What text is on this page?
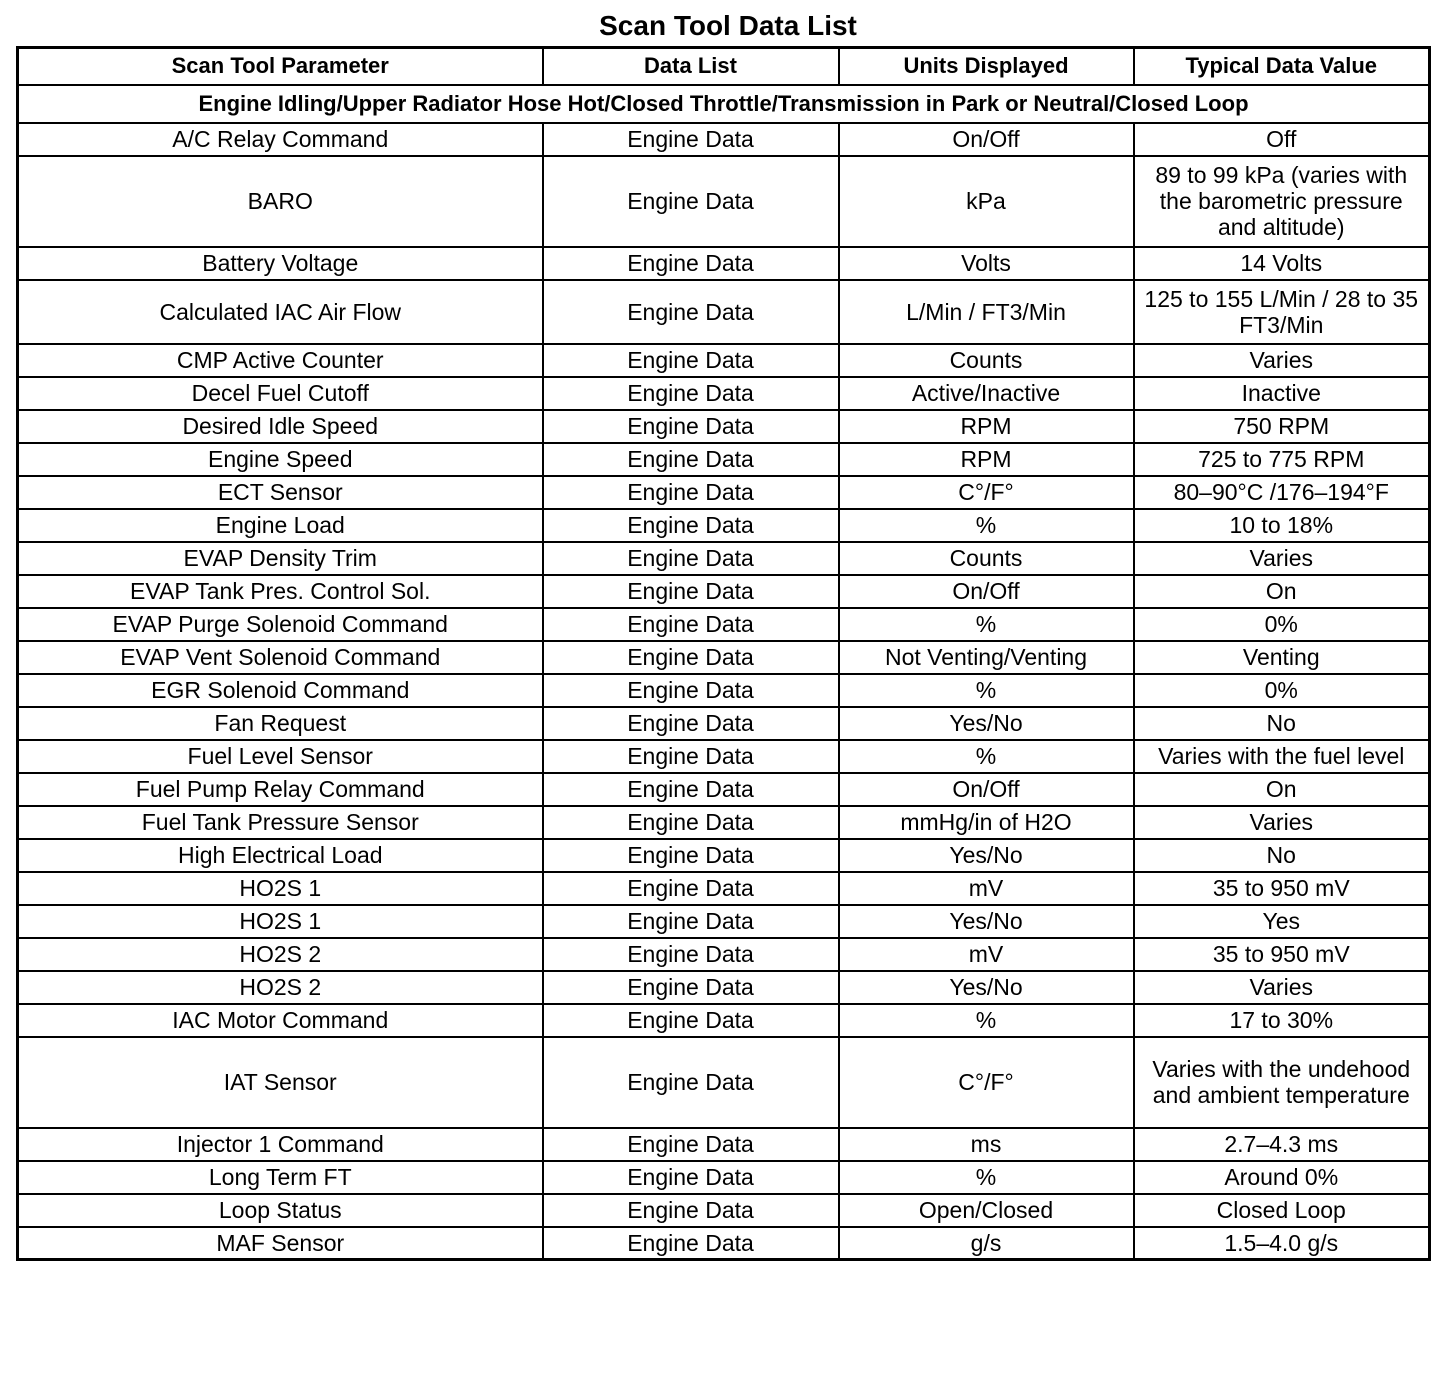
Scan Tool Data List
Scan Tool Parameter	Data List	Units Displayed	Typical Data Value
Engine Idling/Upper Radiator Hose Hot/Closed Throttle/Transmission in Park or Neutral/Closed Loop			
A/C Relay Command	Engine Data	On/Off	Off
BARO	Engine Data	kPa	89 to 99 kPa (varies with the barometric pressure and altitude)
Battery Voltage	Engine Data	Volts	14 Volts
Calculated IAC Air Flow	Engine Data	L/Min / FT3/Min	125 to 155 L/Min / 28 to 35 FT3/Min
CMP Active Counter	Engine Data	Counts	Varies
Decel Fuel Cutoff	Engine Data	Active/Inactive	Inactive
Desired Idle Speed	Engine Data	RPM	750 RPM
Engine Speed	Engine Data	RPM	725 to 775 RPM
ECT Sensor	Engine Data	C°/F°	80–90°C /176–194°F
Engine Load	Engine Data	%	10 to 18%
EVAP Density Trim	Engine Data	Counts	Varies
EVAP Tank Pres. Control Sol.	Engine Data	On/Off	On
EVAP Purge Solenoid Command	Engine Data	%	0%
EVAP Vent Solenoid Command	Engine Data	Not Venting/Venting	Venting
EGR Solenoid Command	Engine Data	%	0%
Fan Request	Engine Data	Yes/No	No
Fuel Level Sensor	Engine Data	%	Varies with the fuel level
Fuel Pump Relay Command	Engine Data	On/Off	On
Fuel Tank Pressure Sensor	Engine Data	mmHg/in of H2O	Varies
High Electrical Load	Engine Data	Yes/No	No
HO2S 1	Engine Data	mV	35 to 950 mV
HO2S 1	Engine Data	Yes/No	Yes
HO2S 2	Engine Data	mV	35 to 950 mV
HO2S 2	Engine Data	Yes/No	Varies
IAC Motor Command	Engine Data	%	17 to 30%
IAT Sensor	Engine Data	C°/F°	Varies with the undehood and ambient temperature
Injector 1 Command	Engine Data	ms	2.7–4.3 ms
Long Term FT	Engine Data	%	Around 0%
Loop Status	Engine Data	Open/Closed	Closed Loop
MAF Sensor	Engine Data	g/s	1.5–4.0 g/s
